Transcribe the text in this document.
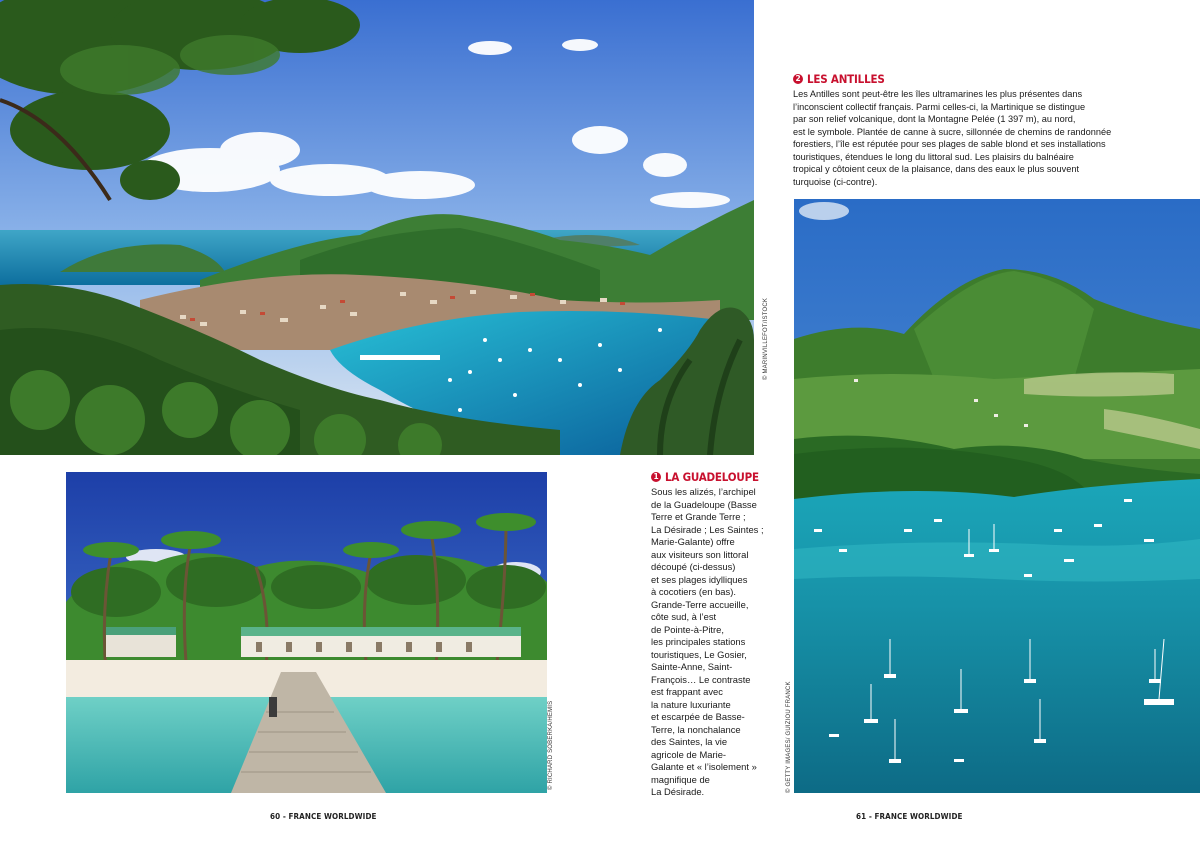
© MARINVILLEFOT/ISTOCK
© RICHARD SOBERKA/HEMIS
1 LA GUADELOUPE
Sous les alizés, l’archipel
de la Guadeloupe (Basse
Terre et Grande Terre ;
La Désirade ; Les Saintes ;
Marie-Galante) offre
aux visiteurs son littoral
découpé (ci-dessus)
et ses plages idylliques
à cocotiers (en bas).
Grande-Terre accueille,
côte sud, à l’est
de Pointe-à-Pitre,
les principales stations
touristiques, Le Gosier,
Sainte-Anne, Saint-
François… Le contraste
est frappant avec
la nature luxuriante
et escarpée de Basse-
Terre, la nonchalance
des Saintes, la vie
agricole de Marie-
Galante et « l’isolement »
magnifique de
La Désirade.
2 LES ANTILLES
Les Antilles sont peut-être les îles ultramarines les plus présentes dans
l’inconscient collectif français. Parmi celles-ci, la Martinique se distingue
par son relief volcanique, dont la Montagne Pelée (1 397 m), au nord,
est le symbole. Plantée de canne à sucre, sillonnée de chemins de randonnée
forestiers, l’île est réputée pour ses plages de sable blond et ses installations
touristiques, étendues le long du littoral sud. Les plaisirs du balnéaire
tropical y côtoient ceux de la plaisance, dans des eaux le plus souvent
turquoise (ci-contre).
© GETTY IMAGES/ GUIZIOU FRANCK
60 - FRANCE WORLDWIDE	61 - FRANCE WORLDWIDE
